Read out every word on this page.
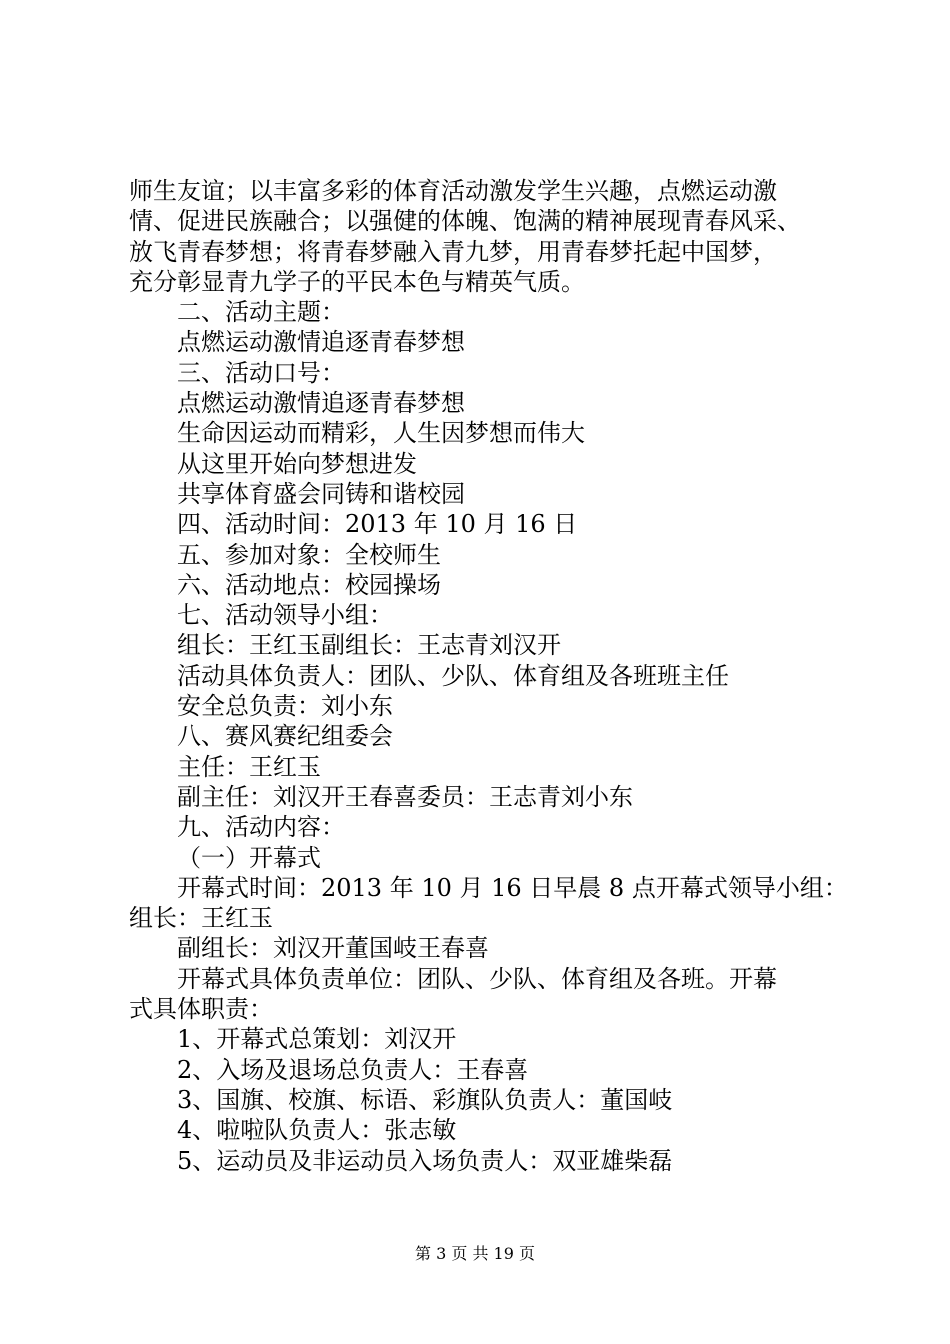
师生友谊；以丰富多彩的体育活动激发学生兴趣，点燃运动激
情、促进民族融合；以强健的体魄、饱满的精神展现青春风采、
放飞青春梦想；将青春梦融入青九梦，用青春梦托起中国梦，
充分彰显青九学子的平民本色与精英气质。
二、活动主题：
点燃运动激情追逐青春梦想
三、活动口号：
点燃运动激情追逐青春梦想
生命因运动而精彩，人生因梦想而伟大
从这里开始向梦想进发
共享体育盛会同铸和谐校园
四、活动时间：2013 年 10 月 16 日
五、参加对象：全校师生
六、活动地点：校园操场
七、活动领导小组：
组长：王红玉副组长：王志青刘汉开
活动具体负责人：团队、少队、体育组及各班班主任
安全总负责：刘小东
八、赛风赛纪组委会
主任：王红玉
副主任：刘汉开王春喜委员：王志青刘小东
九、活动内容：
（一）开幕式
开幕式时间：2013 年 10 月 16 日早晨 8 点开幕式领导小组：
组长：王红玉
副组长：刘汉开董国岐王春喜
开幕式具体负责单位：团队、少队、体育组及各班。开幕
式具体职责：
1、开幕式总策划：刘汉开
2、入场及退场总负责人：王春喜
3、国旗、校旗、标语、彩旗队负责人：董国岐
4、啦啦队负责人：张志敏
5、运动员及非运动员入场负责人：双亚雄柴磊
第 3 页 共 19 页
